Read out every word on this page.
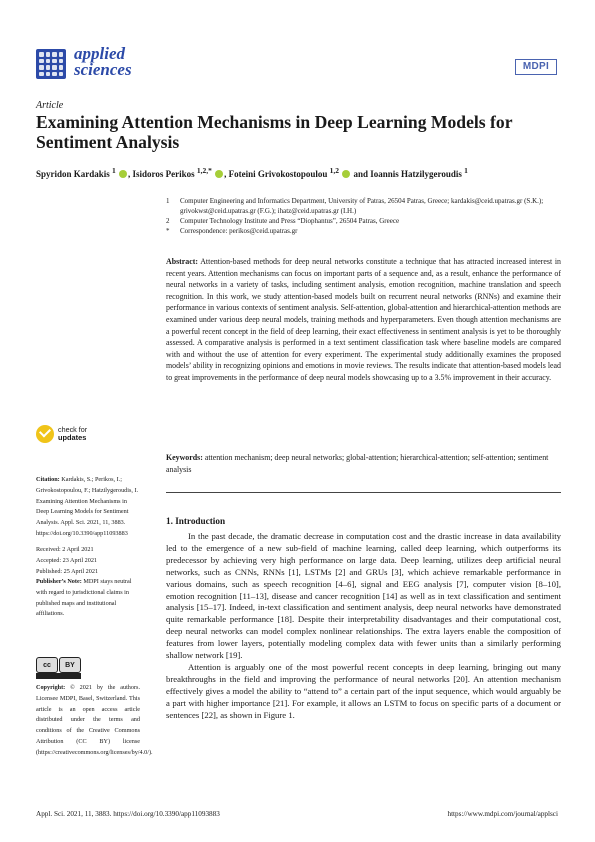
applied
sciences	MDPI
Article
Examining Attention Mechanisms in Deep Learning Models for Sentiment Analysis
Spyridon Kardakis $^1$ , Isidoros Perikos $^{1,2,*}$ , Foteini Grivokostopoulou $^{1,2}$  and Ioannis Hatzilygeroudis $^1$
1	Computer Engineering and Informatics Department, University of Patras, 26504 Patras, Greece; kardakis@ceid.upatras.gr (S.K.); grivokwst@ceid.upatras.gr (F.G.); ihatz@ceid.upatras.gr (I.H.)
2	Computer Technology Institute and Press “Diophantus”, 26504 Patras, Greece
*	Correspondence: perikos@ceid.upatras.gr
Abstract: Attention-based methods for deep neural networks constitute a technique that has attracted increased interest in recent years. Attention mechanisms can focus on important parts of a sequence and, as a result, enhance the performance of neural networks in a variety of tasks, including sentiment analysis, emotion recognition, machine translation and speech recognition. In this work, we study attention-based models built on recurrent neural networks (RNNs) and examine their performance in various contexts of sentiment analysis. Self-attention, global-attention and hierarchical-attention methods are examined under various deep neural models, training methods and hyperparameters. Even though attention mechanisms are a powerful recent concept in the field of deep learning, their exact effectiveness in sentiment analysis is yet to be thoroughly assessed. A comparative analysis is performed in a text sentiment classification task where baseline models are compared with and without the use of attention for every experiment. The experimental study additionally examines the proposed models’ ability in recognizing opinions and emotions in movie reviews. The results indicate that attention-based models lead to great improvements in the performance of deep neural models showcasing up to a 3.5% improvement in their accuracy.
Keywords: attention mechanism; deep neural networks; global-attention; hierarchical-attention; self-attention; sentiment analysis
1. Introduction

In the past decade, the dramatic decrease in computation cost and the drastic increase in data availability led to the emergence of a new sub-field of machine learning, called deep learning, which outperforms its predecessor by achieving very high performance on large data. Deep learning, utilizes deep artificial neural networks, such as CNNs, RNNs [1], LSTMs [2] and GRUs [3], which achieve remarkable performance in various domains, such as speech recognition [4–6], signal and EEG analysis [7], computer vision [8–10], emotion recognition [11–13], disease and cancer recognition [14] as well as in text classification and sentiment analysis [15–17]. Indeed, in-text classification and sentiment analysis, deep neural networks have demonstrated quite remarkable performance [18]. Despite their interpretability disadvantages and their computational cost, deep neural networks can model complex nonlinear relationships. The extra layers enable the composition of features from lower layers, potentially modeling complex data with fewer units than a similarly performing shallow network [19].

Attention is arguably one of the most powerful recent concepts in deep learning, bringing out many breakthroughs in the field and improving the performance of neural networks [20]. An attention mechanism effectively gives a model the ability to “attend to” a certain part of the input sequence, which would arguably be a part with higher importance [21]. For example, it allows an LSTM to focus on specific parts of a document or sentences [22], as shown in Figure 1.

check for
updates
Citation: Kardakis, S.; Perikos, I.; Grivokostopoulou, F.; Hatzilygeroudis, I. Examining Attention Mechanisms in Deep Learning Models for Sentiment Analysis. Appl. Sci. 2021, 11, 3883. https://doi.org/10.3390/app11093883
Received: 2 April 2021
Accepted: 23 April 2021
Published: 25 April 2021
Publisher’s Note: MDPI stays neutral with regard to jurisdictional claims in published maps and institutional affiliations.
cc	BY
Copyright: © 2021 by the authors. Licensee MDPI, Basel, Switzerland. This article is an open access article distributed under the terms and conditions of the Creative Commons Attribution (CC BY) license (https://creativecommons.org/licenses/by/4.0/).
Appl. Sci. 2021, 11, 3883. https://doi.org/10.3390/app11093883	https://www.mdpi.com/journal/applsci
